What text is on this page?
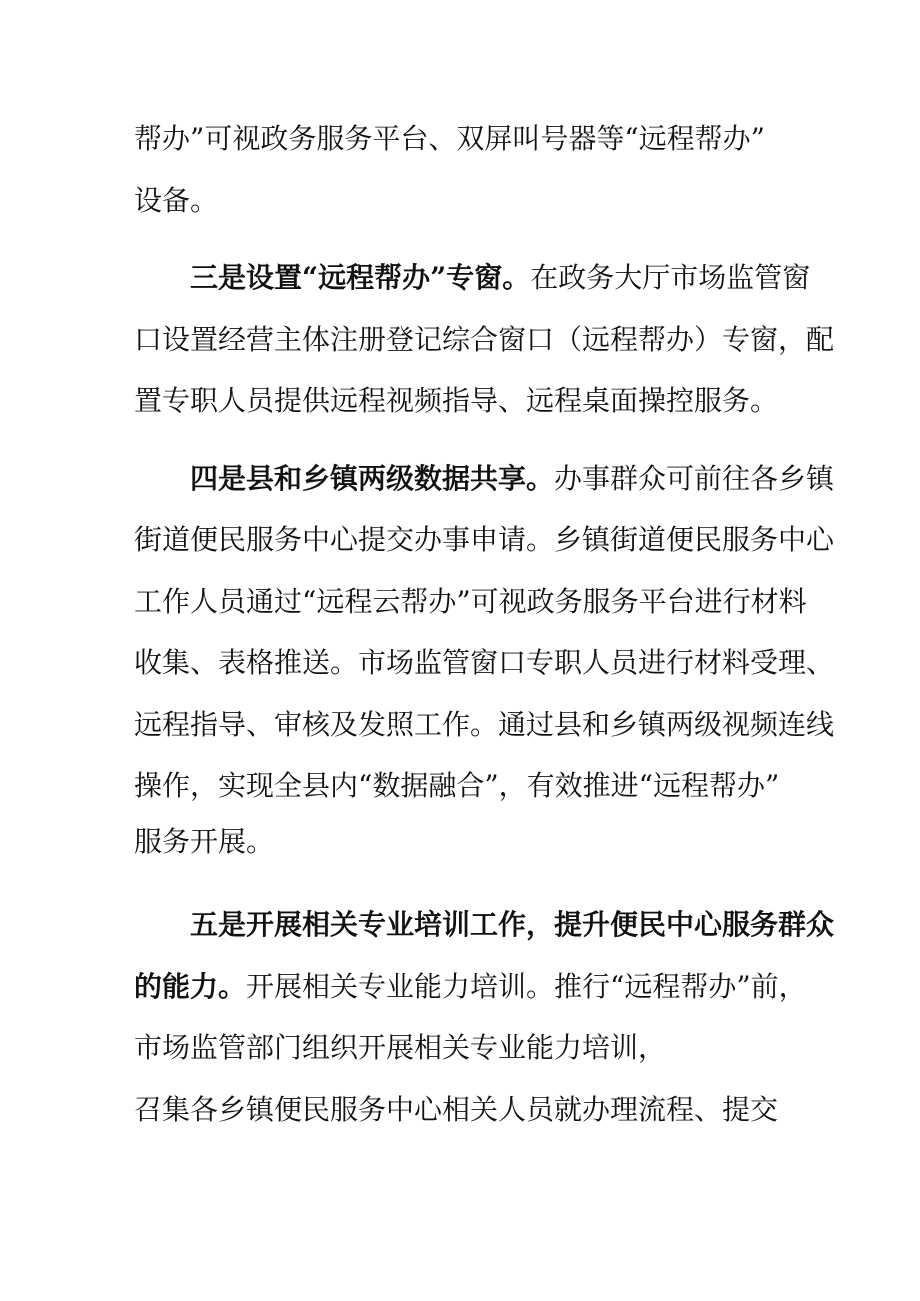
帮办”可视政务服务平台、双屏叫号器等“远程帮办”
设备。
三是设置“远程帮办”专窗。在政务大厅市场监管窗
口设置经营主体注册登记综合窗口（远程帮办）专窗，配
置专职人员提供远程视频指导、远程桌面操控服务。
四是县和乡镇两级数据共享。办事群众可前往各乡镇
街道便民服务中心提交办事申请。乡镇街道便民服务中心
工作人员通过“远程云帮办”可视政务服务平台进行材料
收集、表格推送。市场监管窗口专职人员进行材料受理、
远程指导、审核及发照工作。通过县和乡镇两级视频连线
操作，实现全县内“数据融合”，有效推进“远程帮办”
服务开展。
五是开展相关专业培训工作，提升便民中心服务群众
的能力。开展相关专业能力培训。推行“远程帮办”前，
市场监管部门组织开展相关专业能力培训，
召集各乡镇便民服务中心相关人员就办理流程、提交
